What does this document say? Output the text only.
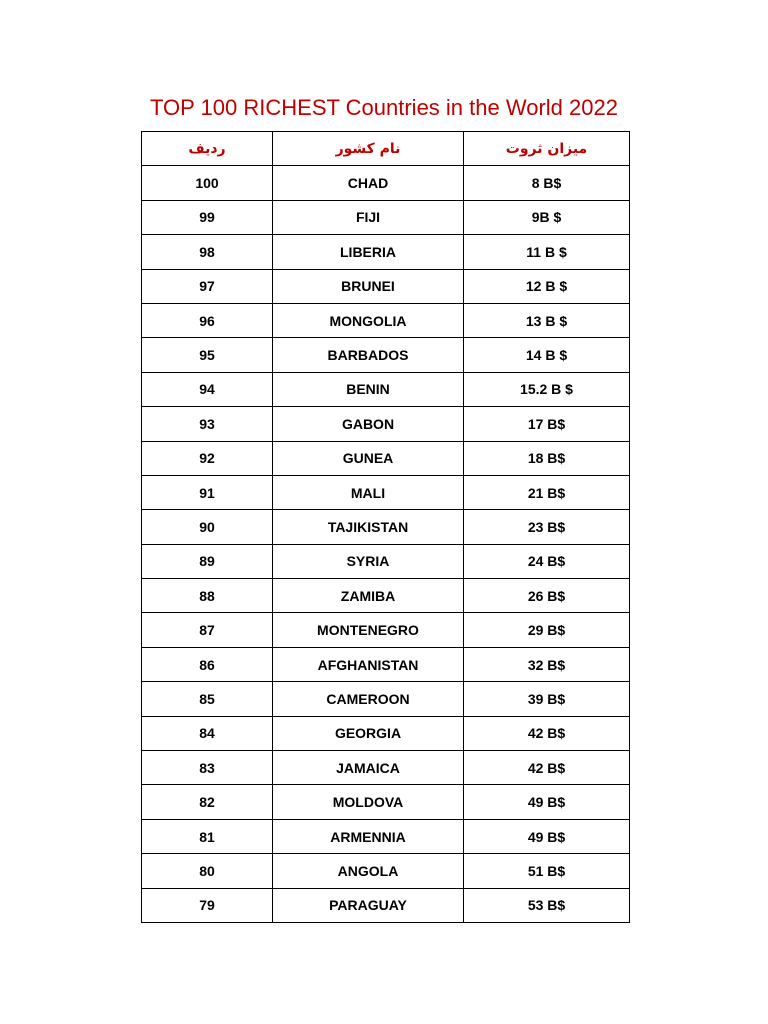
TOP 100 RICHEST Countries in the World 2022
ردیف	نام کشور	میزان ثروت
100	CHAD	8 B$
99	FIJI	9B $
98	LIBERIA	11 B $
97	BRUNEI	12 B $
96	MONGOLIA	13 B $
95	BARBADOS	14 B $
94	BENIN	15.2 B $
93	GABON	17 B$
92	GUNEA	18 B$
91	MALI	21 B$
90	TAJIKISTAN	23 B$
89	SYRIA	24 B$
88	ZAMIBA	26 B$
87	MONTENEGRO	29 B$
86	AFGHANISTAN	32 B$
85	CAMEROON	39 B$
84	GEORGIA	42 B$
83	JAMAICA	42 B$
82	MOLDOVA	49 B$
81	ARMENNIA	49 B$
80	ANGOLA	51 B$
79	PARAGUAY	53 B$
